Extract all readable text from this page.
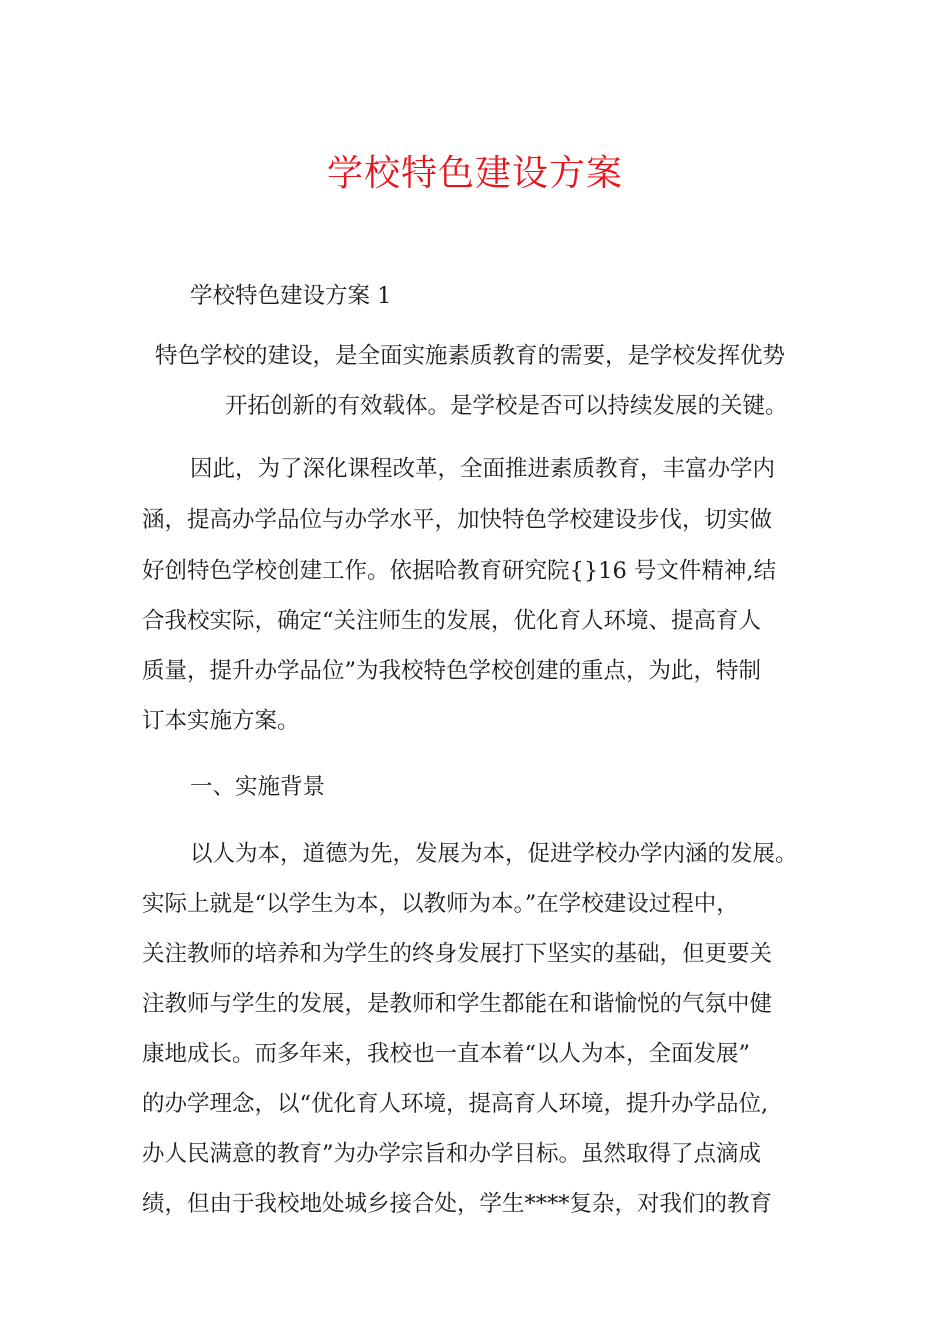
学校特色建设方案

学校特色建设方案 1

特色学校的建设，是全面实施素质教育的需要，是学校发挥优势

开拓创新的有效载体。是学校是否可以持续发展的关键。

因此，为了深化课程改革，全面推进素质教育，丰富办学内

涵，提高办学品位与办学水平，加快特色学校建设步伐，切实做

好创特色学校创建工作。依据哈教育研究院{}16 号文件精神,结

合我校实际，确定“关注师生的发展，优化育人环境、提高育人

质量，提升办学品位”为我校特色学校创建的重点，为此，特制

订本实施方案。

一、实施背景

以人为本，道德为先，发展为本，促进学校办学内涵的发展。

实际上就是“以学生为本，以教师为本。”在学校建设过程中，

关注教师的培养和为学生的终身发展打下坚实的基础，但更要关

注教师与学生的发展，是教师和学生都能在和谐愉悦的气氛中健

康地成长。而多年来，我校也一直本着“以人为本，全面发展”

的办学理念，以“优化育人环境，提高育人环境，提升办学品位,

办人民满意的教育”为办学宗旨和办学目标。虽然取得了点滴成

绩，但由于我校地处城乡接合处，学生****复杂，对我们的教育
